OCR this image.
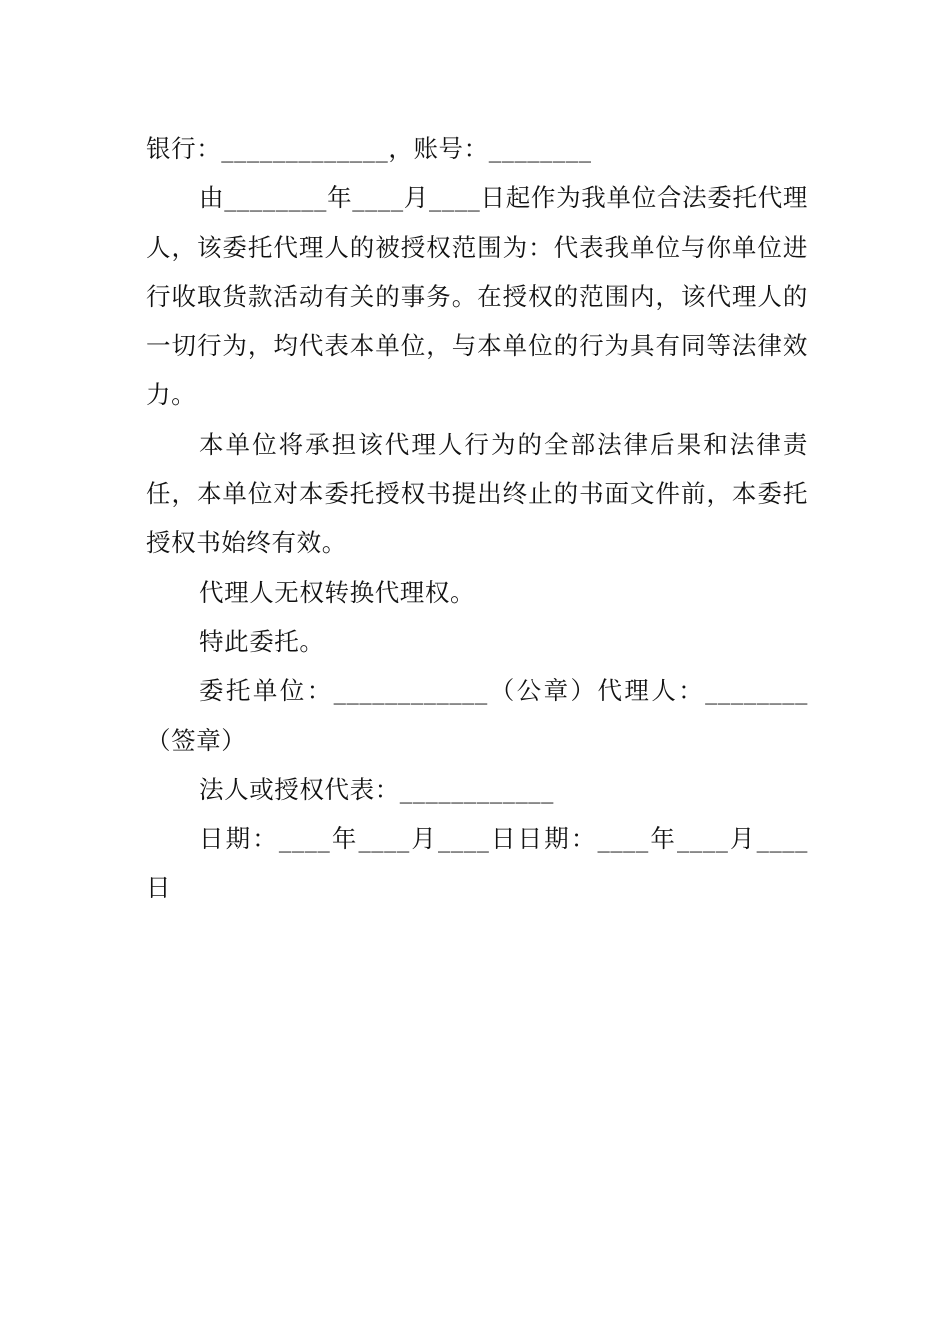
银行：_____________，账号：________
由________年____月____日起作为我单位合法委托代理人，该委托代理人的被授权范围为：代表我单位与你单位进行收取货款活动有关的事务。在授权的范围内，该代理人的一切行为，均代表本单位，与本单位的行为具有同等法律效力。
本单位将承担该代理人行为的全部法律后果和法律责任，本单位对本委托授权书提出终止的书面文件前，本委托授权书始终有效。
代理人无权转换代理权。
特此委托。
委托单位：____________（公章）代理人：________（签章）
法人或授权代表：____________
日期：____年____月____日日期：____年____月____日
